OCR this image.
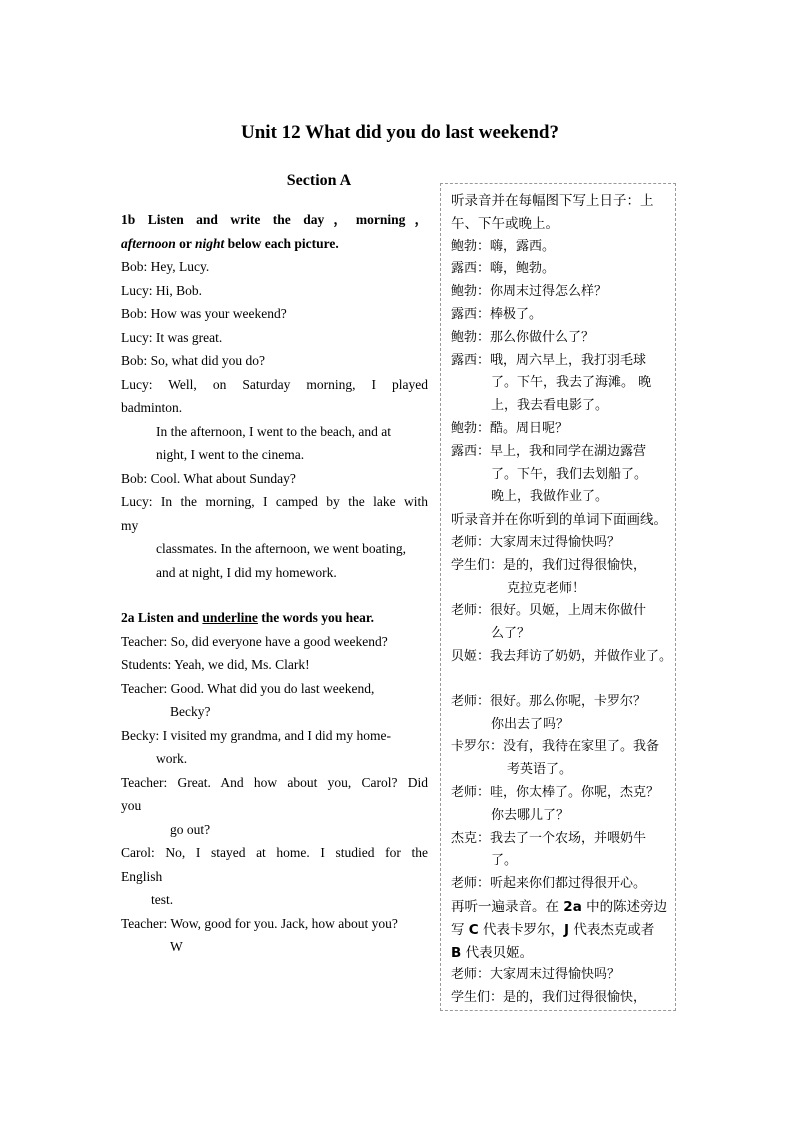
Unit 12 What did you do last weekend?
Section A
1b Listen and write the day，morning，
afternoon or night below each picture.
Bob: Hey, Lucy.
Lucy: Hi, Bob.
Bob: How was your weekend?
Lucy: It was great.
Bob: So, what did you do?
Lucy: Well, on Saturday morning, I played
badminton.
In the afternoon, I went to the beach, and at
night, I went to the cinema.
Bob: Cool. What about Sunday?
Lucy: In the morning, I camped by the lake with
my
classmates. In the afternoon, we went boating,
and at night, I did my homework.
2a Listen and underline the words you hear.
Teacher: So, did everyone have a good weekend?
Students: Yeah, we did, Ms. Clark!
Teacher: Good. What did you do last weekend,
Becky?
Becky: I visited my grandma, and I did my home-
work.
Teacher: Great. And how about you, Carol? Did
you
go out?
Carol: No, I stayed at home. I studied for the
English
test.
Teacher: Wow, good for you. Jack, how about you?
W
听录音并在每幅图下写上日子：上
午、下午或晚上。
鲍勃：嗨，露西。
露西：嗨，鲍勃。
鲍勃：你周末过得怎么样？
露西：棒极了。
鲍勃：那么你做什么了？
露西：哦，周六早上，我打羽毛球
了。下午，我去了海滩。 晚
上，我去看电影了。
鲍勃：酷。周日呢？
露西：早上，我和同学在湖边露营
了。下午，我们去划船了。
晚上，我做作业了。
听录音并在你听到的单词下面画线。
老师：大家周末过得愉快吗？
学生们：是的，我们过得很愉快，
克拉克老师！
老师：很好。贝姬，上周末你做什
么了？
贝姬：我去拜访了奶奶，并做作业了。
老师：很好。那么你呢，卡罗尔？
你出去了吗？
卡罗尔：没有，我待在家里了。我备
考英语了。
老师：哇，你太棒了。你呢，杰克？
你去哪儿了？
杰克：我去了一个农场，并喂奶牛
了。
老师：听起来你们都过得很开心。
再听一遍录音。在 2a 中的陈述旁边
写 C 代表卡罗尔，J 代表杰克或者
B 代表贝姬。
老师：大家周末过得愉快吗？
学生们：是的，我们过得很愉快，
